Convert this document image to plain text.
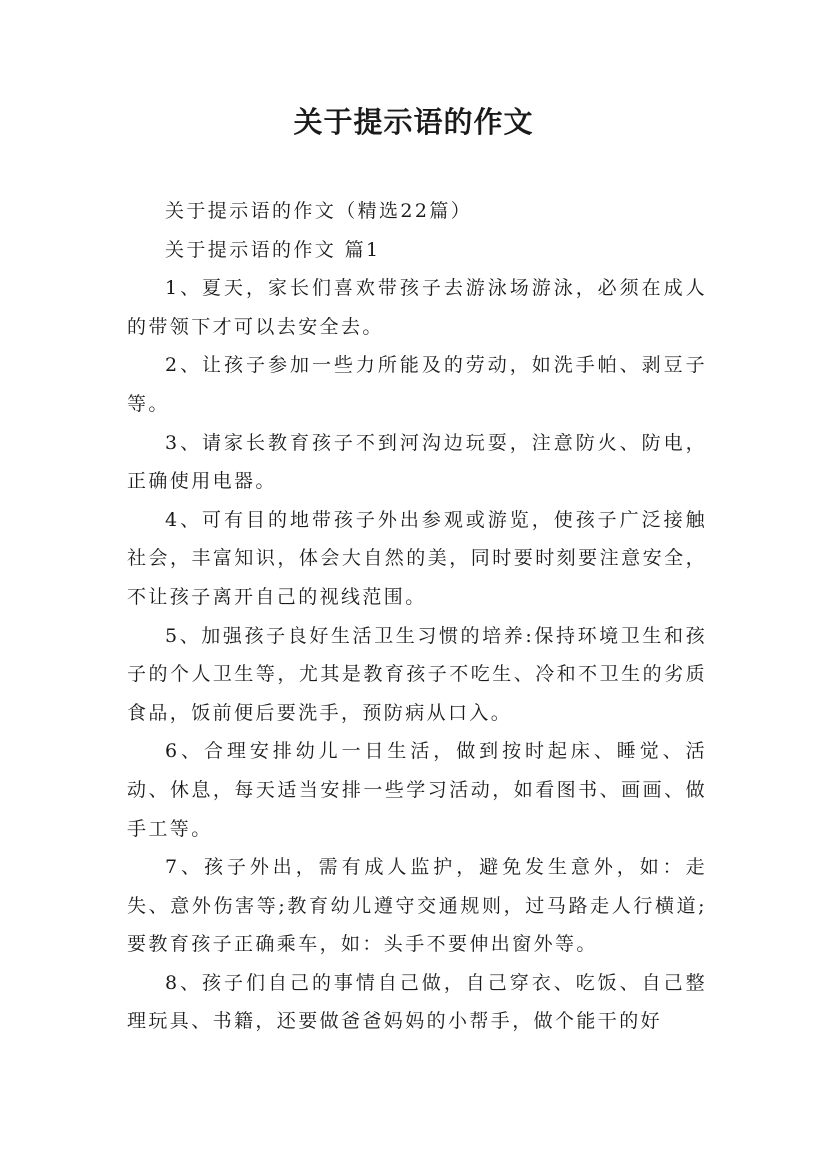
关于提示语的作文

关于提示语的作文（精选22篇）

关于提示语的作文 篇1

1、夏天，家长们喜欢带孩子去游泳场游泳，必须在成人的带领下才可以去安全去。

2、让孩子参加一些力所能及的劳动，如洗手帕、剥豆子等。

3、请家长教育孩子不到河沟边玩耍，注意防火、防电，正确使用电器。

4、可有目的地带孩子外出参观或游览，使孩子广泛接触社会，丰富知识，体会大自然的美，同时要时刻要注意安全，不让孩子离开自己的视线范围。

5、加强孩子良好生活卫生习惯的培养:保持环境卫生和孩子的个人卫生等，尤其是教育孩子不吃生、冷和不卫生的劣质食品，饭前便后要洗手，预防病从口入。

6、合理安排幼儿一日生活，做到按时起床、睡觉、活动、休息，每天适当安排一些学习活动，如看图书、画画、做手工等。

7、孩子外出，需有成人监护，避免发生意外，如：走失、意外伤害等;教育幼儿遵守交通规则，过马路走人行横道;要教育孩子正确乘车，如：头手不要伸出窗外等。

8、孩子们自己的事情自己做，自己穿衣、吃饭、自己整理玩具、书籍，还要做爸爸妈妈的小帮手，做个能干的好
